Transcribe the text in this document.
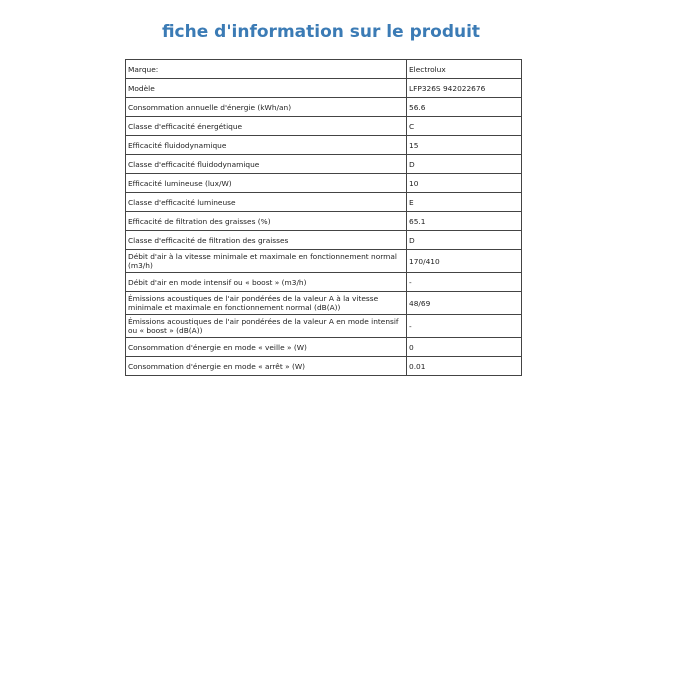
fiche d'information sur le produit
Marque:	Electrolux
Modèle	LFP326S 942022676
Consommation annuelle d'énergie (kWh/an)	56.6
Classe d'efficacité énergétique	C
Efficacité fluidodynamique	15
Classe d'efficacité fluidodynamique	D
Efficacité lumineuse (lux/W)	10
Classe d'efficacité lumineuse	E
Efficacité de filtration des graisses (%)	65.1
Classe d'efficacité de filtration des graisses	D
Débit d'air à la vitesse minimale et maximale en fonctionnement normal (m3/h)	170/410
Débit d'air en mode intensif ou « boost » (m3/h)	-
Émissions acoustiques de l'air pondérées de la valeur A à la vitesse minimale et maximale en fonctionnement normal (dB(A))	48/69
Émissions acoustiques de l'air pondérées de la valeur A en mode intensif ou « boost » (dB(A))	-
Consommation d'énergie en mode « veille » (W)	0
Consommation d'énergie en mode « arrêt » (W)	0.01
